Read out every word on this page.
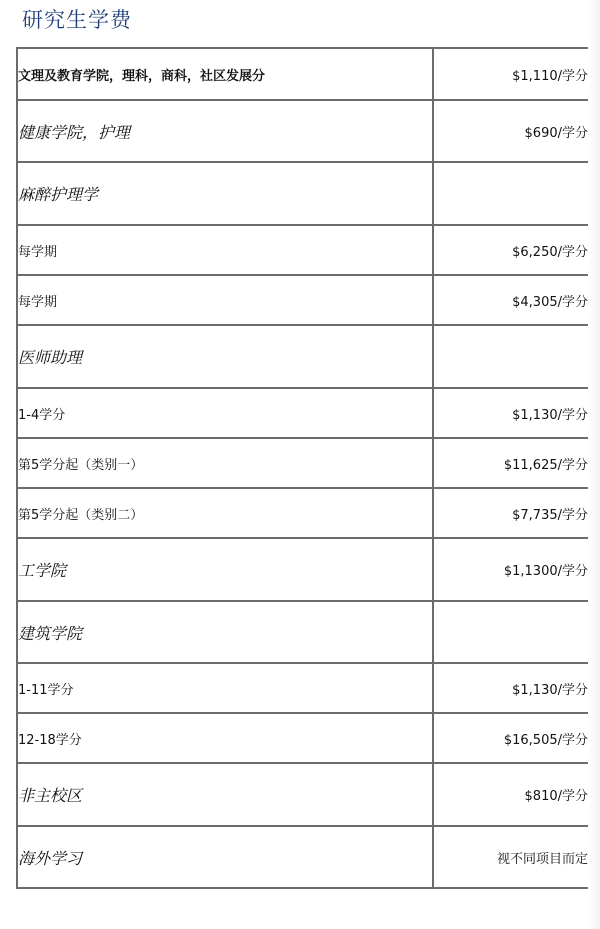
研究生学费
文理及教育学院，理科，商科，社区发展分	$1,110/学分
健康学院，护理	$690/学分
麻醉护理学	
每学期	$6,250/学分
每学期	$4,305/学分
医师助理	
1-4学分	$1,130/学分
第5学分起（类别一）	$11,625/学分
第5学分起（类别二）	$7,735/学分
工学院	$1,1300/学分
建筑学院	
1-11学分	$1,130/学分
12-18学分	$16,505/学分
非主校区	$810/学分
海外学习	视不同项目而定
